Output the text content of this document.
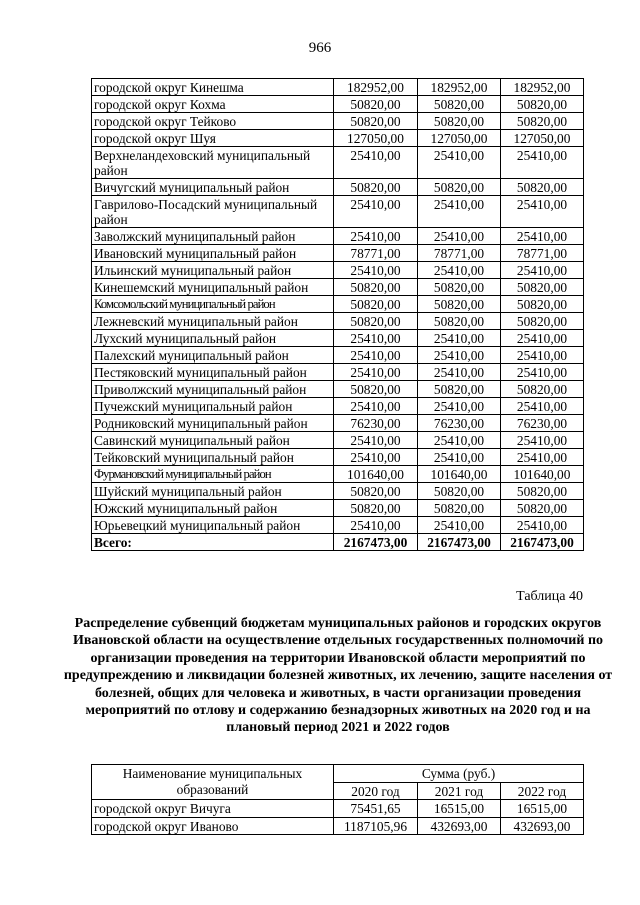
966
городской округ Кинешма	182952,00	182952,00	182952,00
городской округ Кохма	50820,00	50820,00	50820,00
городской округ Тейково	50820,00	50820,00	50820,00
городской округ Шуя	127050,00	127050,00	127050,00
Верхнеландеховский муниципальный район	25410,00	25410,00	25410,00
Вичугский муниципальный район	50820,00	50820,00	50820,00
Гаврилово-Посадский муниципальный район	25410,00	25410,00	25410,00
Заволжский муниципальный район	25410,00	25410,00	25410,00
Ивановский муниципальный район	78771,00	78771,00	78771,00
Ильинский муниципальный район	25410,00	25410,00	25410,00
Кинешемский муниципальный район	50820,00	50820,00	50820,00
Комсомольский муниципальный район	50820,00	50820,00	50820,00
Лежневский муниципальный район	50820,00	50820,00	50820,00
Лухский муниципальный район	25410,00	25410,00	25410,00
Палехский муниципальный район	25410,00	25410,00	25410,00
Пестяковский муниципальный район	25410,00	25410,00	25410,00
Приволжский муниципальный район	50820,00	50820,00	50820,00
Пучежский муниципальный район	25410,00	25410,00	25410,00
Родниковский муниципальный район	76230,00	76230,00	76230,00
Савинский муниципальный район	25410,00	25410,00	25410,00
Тейковский муниципальный район	25410,00	25410,00	25410,00
Фурмановский муниципальный район	101640,00	101640,00	101640,00
Шуйский муниципальный район	50820,00	50820,00	50820,00
Южский муниципальный район	50820,00	50820,00	50820,00
Юрьевецкий муниципальный район	25410,00	25410,00	25410,00
Всего:	2167473,00	2167473,00	2167473,00
Таблица 40
Распределение субвенций бюджетам муниципальных районов и городских округов Ивановской области на осуществление отдельных государственных полномочий по организации проведения на территории Ивановской области мероприятий по предупреждению и ликвидации болезней животных, их лечению, защите населения от болезней, общих для человека и животных, в части организации проведения мероприятий по отлову и содержанию безнадзорных животных на 2020 год и на плановый период 2021 и 2022 годов
Наименование муниципальных образований	Сумма (руб.)		
	2020 год	2021 год	2022 год
городской округ Вичуга	75451,65	16515,00	16515,00
городской округ Иваново	1187105,96	432693,00	432693,00
